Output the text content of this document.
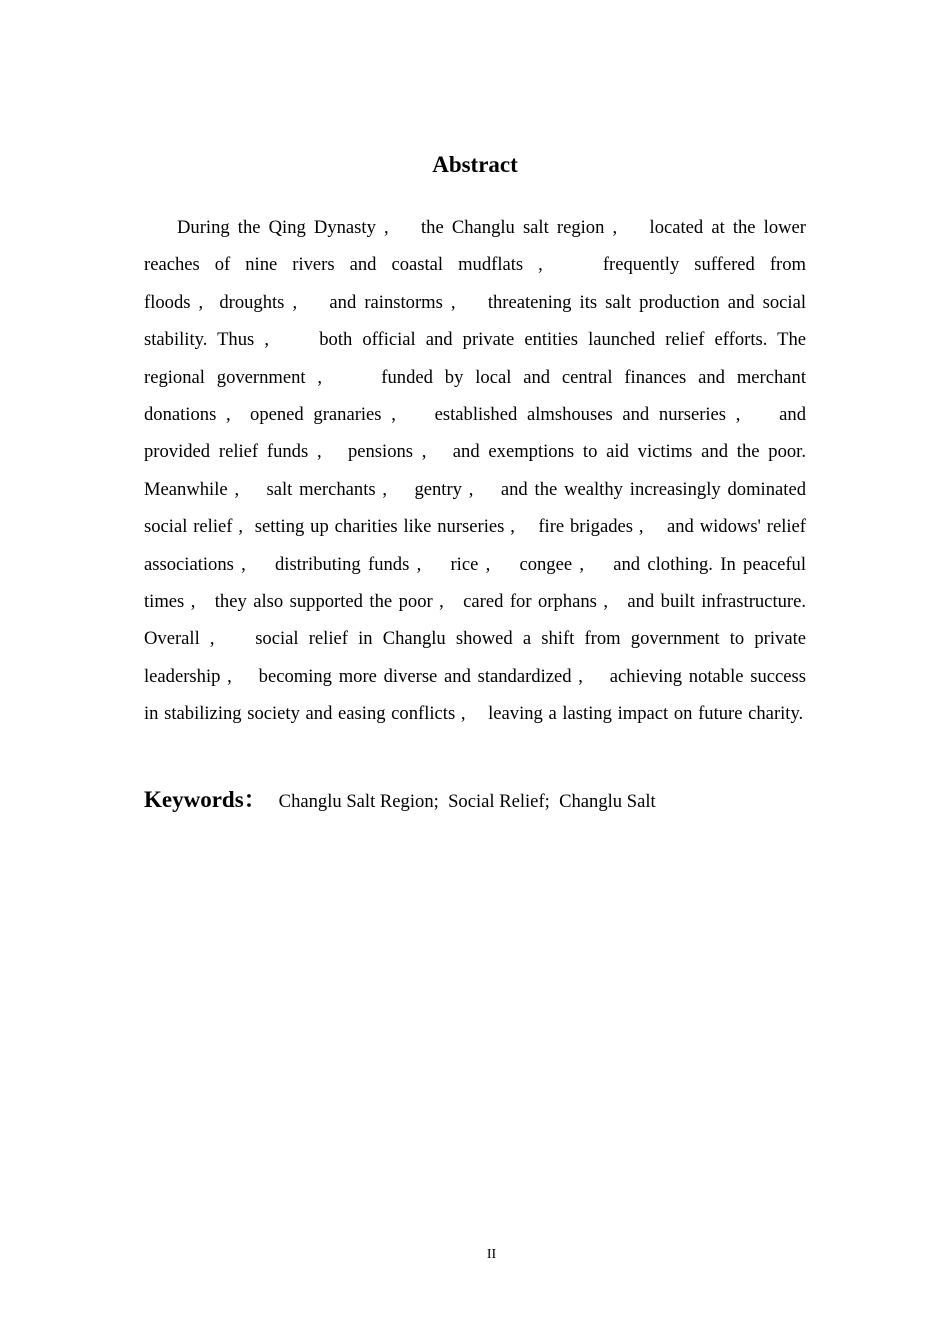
Abstract

During the Qing Dynasty ,    the Changlu salt region ,    located at the lower reaches of nine rivers and coastal mudflats ,    frequently suffered from floods ,  droughts ,    and rainstorms ,    threatening its salt production and social stability. Thus ,     both official and private entities launched relief efforts. The regional government ,     funded by local and central finances and merchant donations ,  opened granaries ,    established almshouses and nurseries ,    and provided relief funds ,   pensions ,   and exemptions to aid victims and the poor. Meanwhile ,    salt merchants ,    gentry ,    and the wealthy increasingly dominated social relief ,  setting up charities like nurseries ,    fire brigades ,    and widows' relief associations ,    distributing funds ,    rice ,    congee ,    and clothing. In peaceful times ,   they also supported the poor ,   cared for orphans ,   and built infrastructure. Overall ,    social relief in Changlu showed a shift from government to private leadership ,    becoming more diverse and standardized ,    achieving notable success in stabilizing society and easing conflicts ,    leaving a lasting impact on future charity.

Keywords： Changlu Salt Region;  Social Relief;  Changlu Salt
II
